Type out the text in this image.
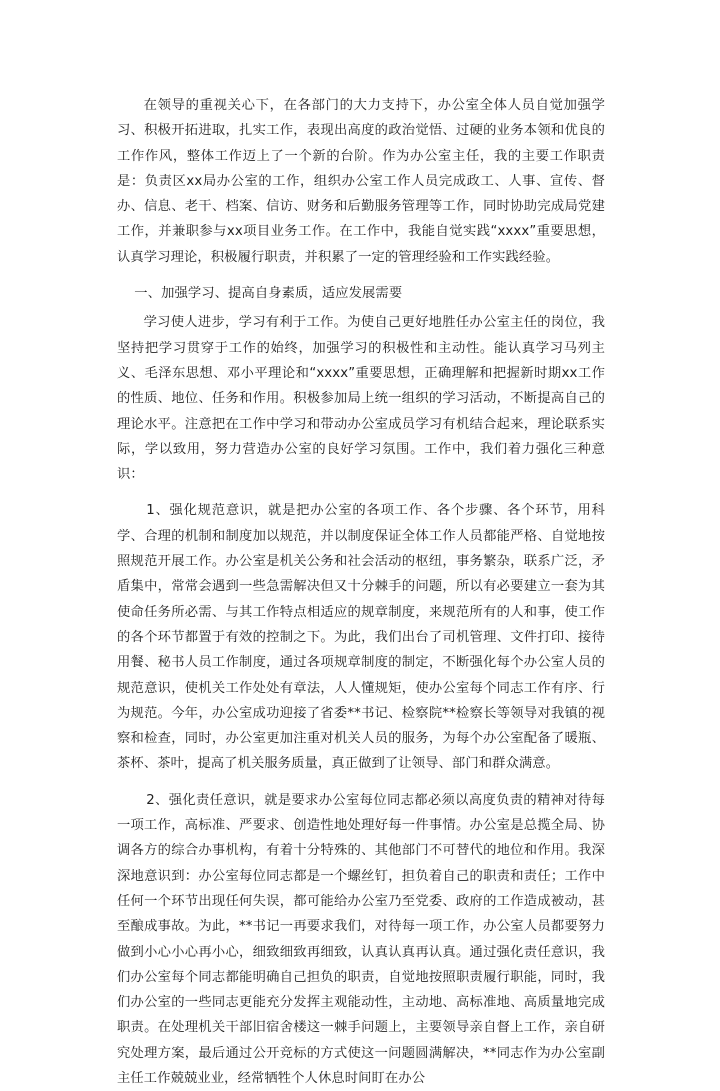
在领导的重视关心下，在各部门的大力支持下，办公室全体人员自觉加强学习、积极开拓进取，扎实工作，表现出高度的政治觉悟、过硬的业务本领和优良的工作作风，整体工作迈上了一个新的台阶。作为办公室主任，我的主要工作职责是：负责区xx局办公室的工作，组织办公室工作人员完成政工、人事、宣传、督办、信息、老干、档案、信访、财务和后勤服务管理等工作，同时协助完成局党建工作，并兼职参与xx项目业务工作。在工作中，我能自觉实践“xxxx”重要思想，认真学习理论，积极履行职责，并积累了一定的管理经验和工作实践经验。

一、加强学习、提高自身素质，适应发展需要

学习使人进步，学习有利于工作。为使自己更好地胜任办公室主任的岗位，我坚持把学习贯穿于工作的始终，加强学习的积极性和主动性。能认真学习马列主义、毛泽东思想、邓小平理论和“xxxx”重要思想，正确理解和把握新时期xx工作的性质、地位、任务和作用。积极参加局上统一组织的学习活动，不断提高自己的理论水平。注意把在工作中学习和带动办公室成员学习有机结合起来，理论联系实际，学以致用，努力营造办公室的良好学习氛围。工作中，我们着力强化三种意识：

1、强化规范意识，就是把办公室的各项工作、各个步骤、各个环节，用科学、合理的机制和制度加以规范，并以制度保证全体工作人员都能严格、自觉地按照规范开展工作。办公室是机关公务和社会活动的枢纽，事务繁杂，联系广泛，矛盾集中，常常会遇到一些急需解决但又十分棘手的问题，所以有必要建立一套为其使命任务所必需、与其工作特点相适应的规章制度，来规范所有的人和事，使工作的各个环节都置于有效的控制之下。为此，我们出台了司机管理、文件打印、接待用餐、秘书人员工作制度，通过各项规章制度的制定，不断强化每个办公室人员的规范意识，使机关工作处处有章法，人人懂规矩，使办公室每个同志工作有序、行为规范。今年，办公室成功迎接了省委**书记、检察院**检察长等领导对我镇的视察和检查，同时，办公室更加注重对机关人员的服务，为每个办公室配备了暖瓶、茶杯、茶叶，提高了机关服务质量，真正做到了让领导、部门和群众满意。

2、强化责任意识，就是要求办公室每位同志都必须以高度负责的精神对待每一项工作，高标准、严要求、创造性地处理好每一件事情。办公室是总揽全局、协调各方的综合办事机构，有着十分特殊的、其他部门不可替代的地位和作用。我深深地意识到：办公室每位同志都是一个螺丝钉，担负着自己的职责和责任；工作中任何一个环节出现任何失误，都可能给办公室乃至党委、政府的工作造成被动，甚至酿成事故。为此，**书记一再要求我们，对待每一项工作，办公室人员都要努力做到小心小心再小心，细致细致再细致，认真认真再认真。通过强化责任意识，我们办公室每个同志都能明确自己担负的职责，自觉地按照职责履行职能，同时，我们办公室的一些同志更能充分发挥主观能动性，主动地、高标准地、高质量地完成职责。在处理机关干部旧宿舍楼这一棘手问题上，主要领导亲自督上工作，亲自研究处理方案，最后通过公开竞标的方式使这一问题圆满解决，**同志作为办公室副主任工作兢兢业业，经常牺牲个人休息时间盯在办公
